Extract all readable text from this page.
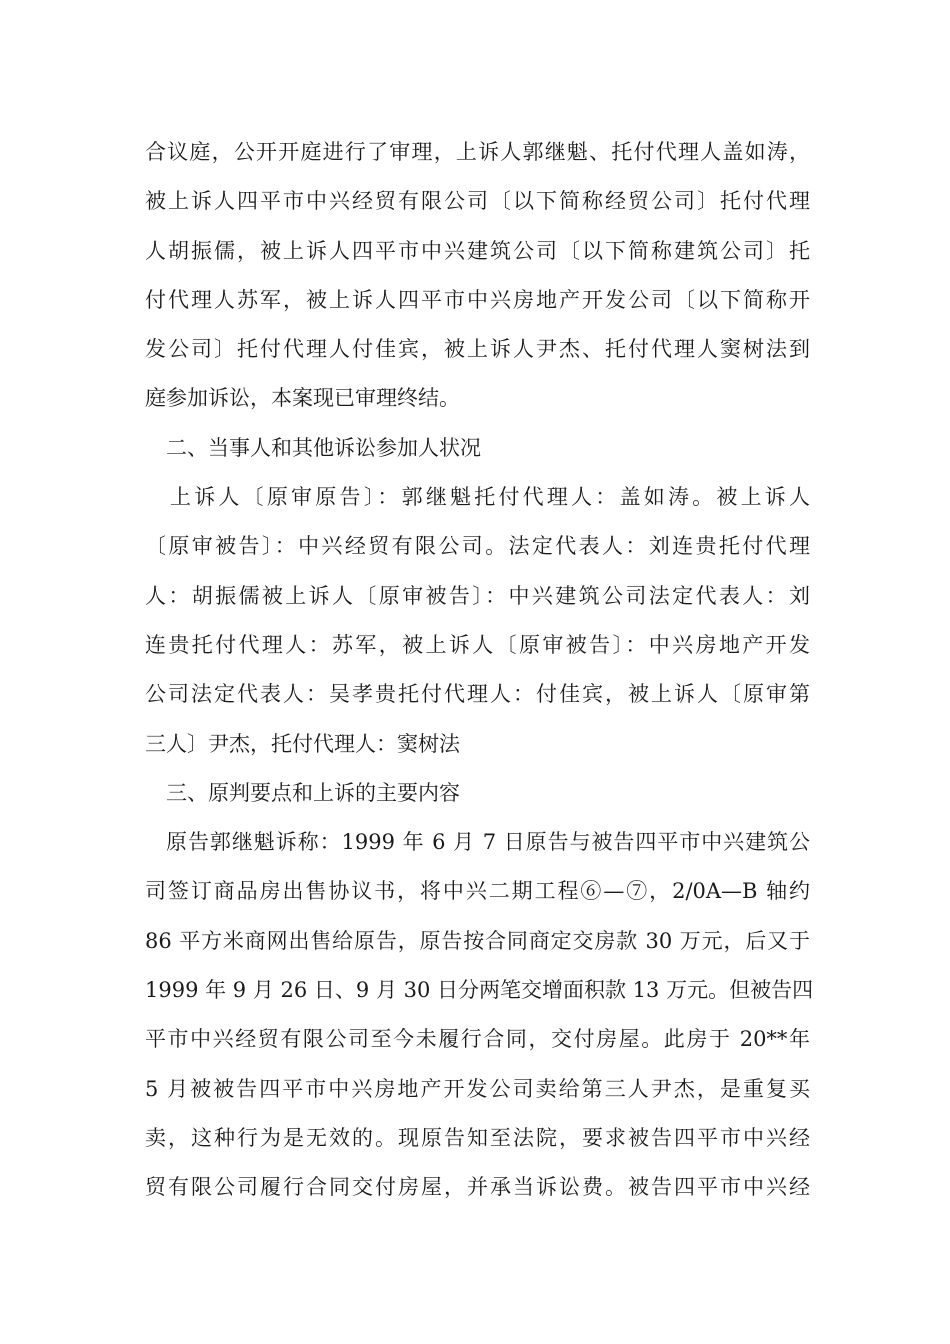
合议庭，公开开庭进行了审理，上诉人郭继魁、托付代理人盖如涛，
被上诉人四平市中兴经贸有限公司〔以下简称经贸公司〕托付代理
人胡振儒，被上诉人四平市中兴建筑公司〔以下简称建筑公司〕托
付代理人苏军，被上诉人四平市中兴房地产开发公司〔以下简称开
发公司〕托付代理人付佳宾，被上诉人尹杰、托付代理人窦树法到
庭参加诉讼，本案现已审理终结。
二、当事人和其他诉讼参加人状况
上诉人〔原审原告〕：郭继魁托付代理人：盖如涛。被上诉人
〔原审被告〕：中兴经贸有限公司。法定代表人：刘连贵托付代理
人：胡振儒被上诉人〔原审被告〕：中兴建筑公司法定代表人：刘
连贵托付代理人：苏军，被上诉人〔原审被告〕：中兴房地产开发
公司法定代表人：吴孝贵托付代理人：付佳宾，被上诉人〔原审第
三人〕尹杰，托付代理人：窦树法
三、原判要点和上诉的主要内容
原告郭继魁诉称：1999 年 6 月 7 日原告与被告四平市中兴建筑公
司签订商品房出售协议书，将中兴二期工程⑥—⑦，2/0A—B 轴约
86 平方米商网出售给原告，原告按合同商定交房款 30 万元，后又于
1999 年 9 月 26 日、9 月 30 日分两笔交增面积款 13 万元。但被告四
平市中兴经贸有限公司至今未履行合同，交付房屋。此房于 20**年
5 月被被告四平市中兴房地产开发公司卖给第三人尹杰，是重复买
卖，这种行为是无效的。现原告知至法院，要求被告四平市中兴经
贸有限公司履行合同交付房屋，并承当诉讼费。被告四平市中兴经
